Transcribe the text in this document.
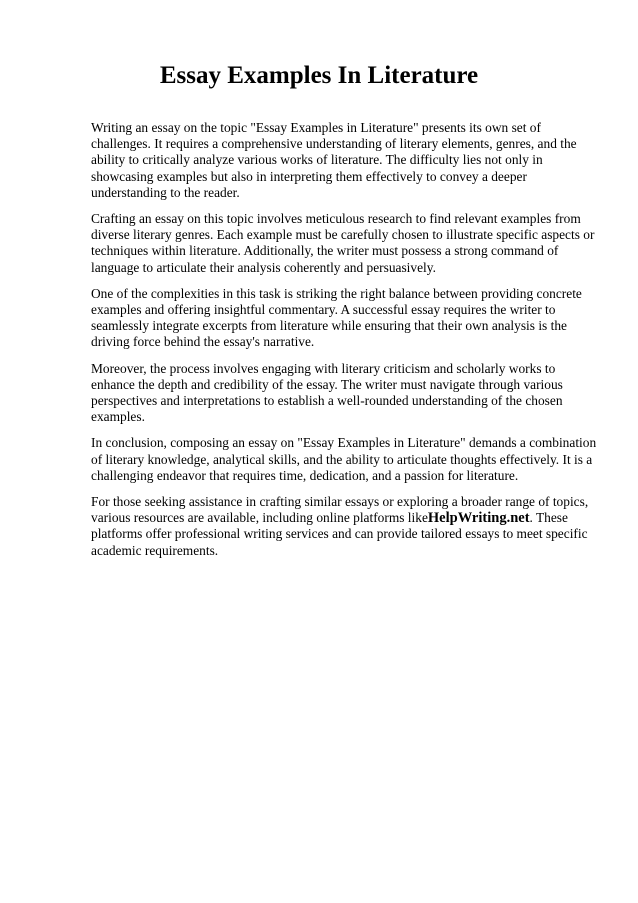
Essay Examples In Literature

Writing an essay on the topic "Essay Examples in Literature" presents its own set of challenges. It requires a comprehensive understanding of literary elements, genres, and the ability to critically analyze various works of literature. The difficulty lies not only in showcasing examples but also in interpreting them effectively to convey a deeper understanding to the reader.

Crafting an essay on this topic involves meticulous research to find relevant examples from diverse literary genres. Each example must be carefully chosen to illustrate specific aspects or techniques within literature. Additionally, the writer must possess a strong command of language to articulate their analysis coherently and persuasively.

One of the complexities in this task is striking the right balance between providing concrete examples and offering insightful commentary. A successful essay requires the writer to seamlessly integrate excerpts from literature while ensuring that their own analysis is the driving force behind the essay's narrative.

Moreover, the process involves engaging with literary criticism and scholarly works to enhance the depth and credibility of the essay. The writer must navigate through various perspectives and interpretations to establish a well-rounded understanding of the chosen examples.

In conclusion, composing an essay on "Essay Examples in Literature" demands a combination of literary knowledge, analytical skills, and the ability to articulate thoughts effectively. It is a challenging endeavor that requires time, dedication, and a passion for literature.

For those seeking assistance in crafting similar essays or exploring a broader range of topics, various resources are available, including online platforms likeHelpWriting.net. These platforms offer professional writing services and can provide tailored essays to meet specific academic requirements.
